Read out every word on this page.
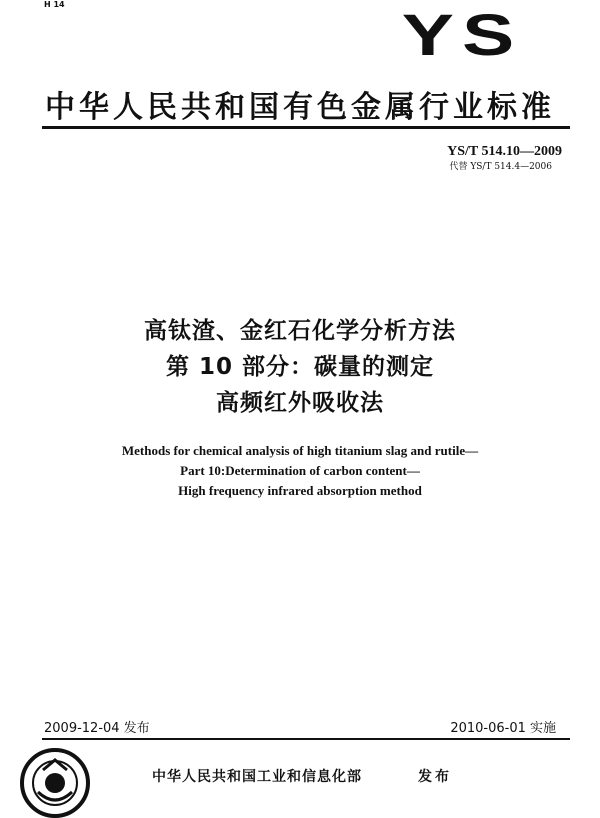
H 14	YS
中华人民共和国有色金属行业标准
YS/T 514.10—2009
代替 YS/T 514.4—2006
高钛渣、金红石化学分析方法
第 10 部分：碳量的测定
高频红外吸收法
Methods for chemical analysis of high titanium slag and rutile—
Part 10:Determination of carbon content—
High frequency infrared absorption method
2009-12-04 发布	2010-06-01 实施
中华人民共和国工业和信息化部	发布
